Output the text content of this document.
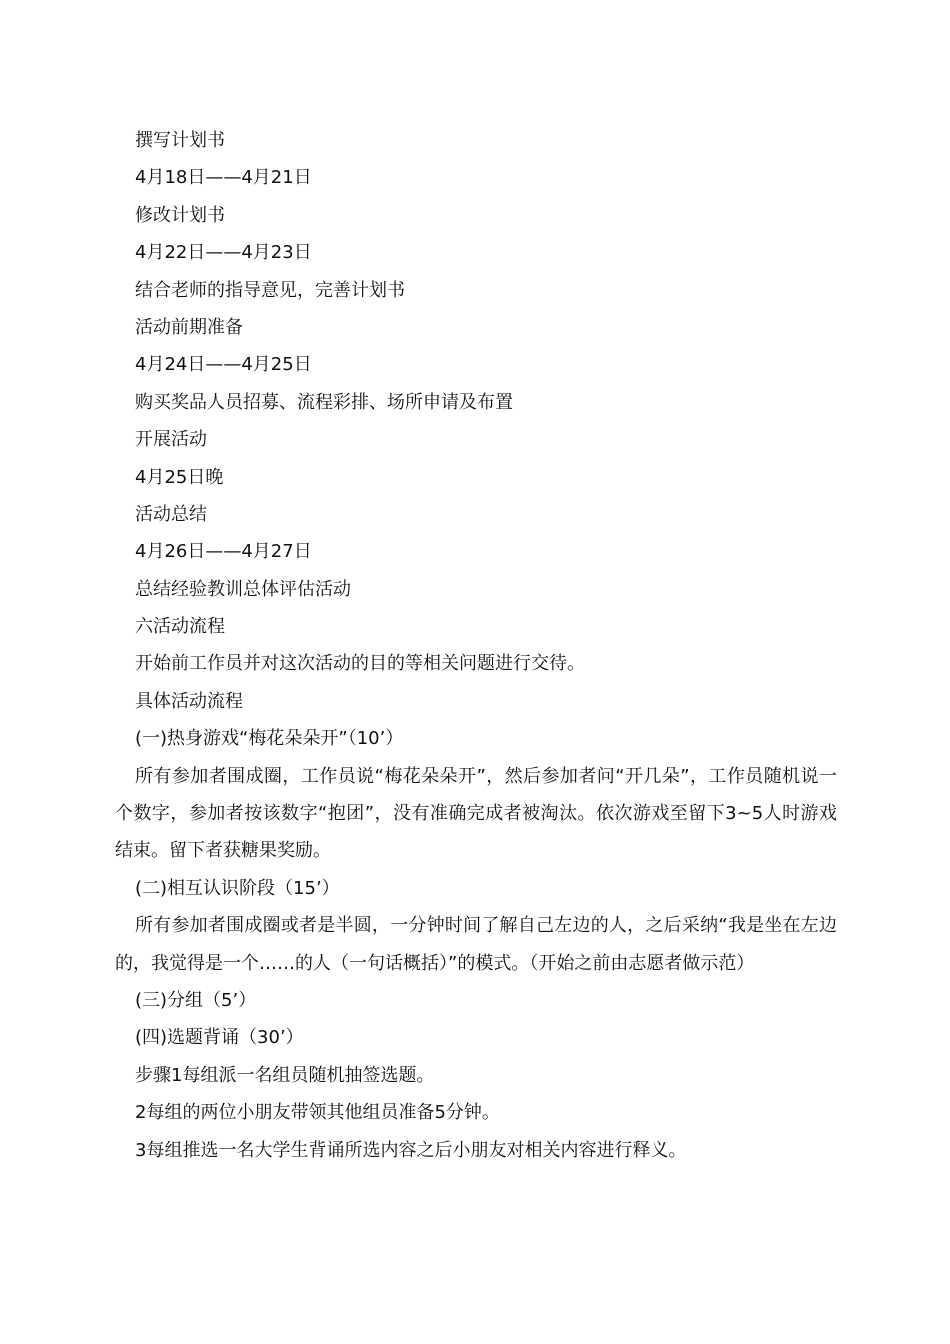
撰写计划书
4月18日——4月21日
修改计划书
4月22日——4月23日
结合老师的指导意见，完善计划书
活动前期准备
4月24日——4月25日
购买奖品人员招募、流程彩排、场所申请及布置
开展活动
4月25日晚
活动总结
4月26日——4月27日
总结经验教训总体评估活动
六活动流程
开始前工作员并对这次活动的目的等相关问题进行交待。
具体活动流程
(一)热身游戏“梅花朵朵开”（10’）

所有参加者围成圈，工作员说“梅花朵朵开”，然后参加者问“开几朵”，工作员随机说一个数字，参加者按该数字“抱团”，没有准确完成者被淘汰。依次游戏至留下3~5人时游戏结束。留下者获糖果奖励。

(二)相互认识阶段（15’）

所有参加者围成圈或者是半圆，一分钟时间了解自己左边的人，之后采纳“我是坐在左边的，我觉得是一个……的人（一句话概括）”的模式。（开始之前由志愿者做示范）

(三)分组（5’）
(四)选题背诵（30’）
步骤1每组派一名组员随机抽签选题。
2每组的两位小朋友带领其他组员准备5分钟。
3每组推选一名大学生背诵所选内容之后小朋友对相关内容进行释义。
